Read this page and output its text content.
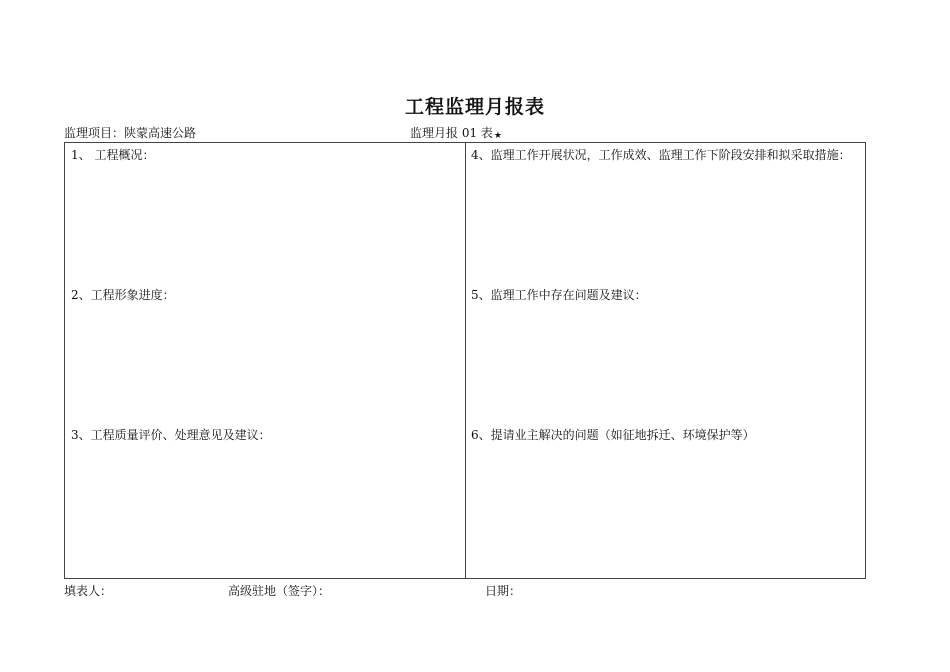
工程监理月报表
监理项目：陕蒙高速公路	监理月报 01 表★
1、 工程概况：
2、工程形象进度：
3、工程质量评价、处理意见及建议：
4、监理工作开展状况，工作成效、监理工作下阶段安排和拟采取措施：
5、监理工作中存在问题及建议：
6、提请业主解决的问题（如征地拆迁、环境保护等）
填表人：	高级驻地（签字）：	日期：
